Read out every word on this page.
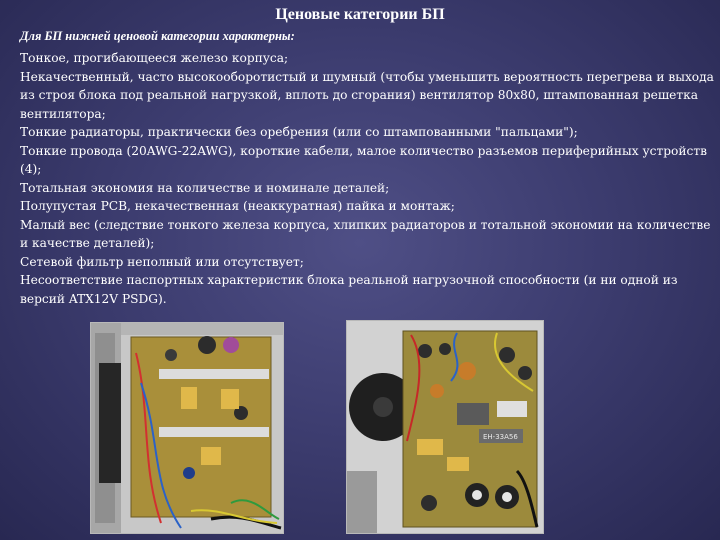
Ценовые категории БП
Для БП нижней ценовой категории характерны:
Тонкое, прогибающееся железо корпуса;
Некачественный, часто высокооборотистый и шумный (чтобы уменьшить вероятность перегрева и выхода из строя блока под реальной нагрузкой, вплоть до сгорания) вентилятор 80x80, штампованная решетка вентилятора;
Тонкие радиаторы, практически без оребрения (или со штампованными "пальцами");
Тонкие провода (20AWG-22AWG), короткие кабели, малое количество разъемов периферийных устройств (4);
Тотальная экономия на количестве и номинале деталей;
Полупустая PCB, некачественная (неаккуратная) пайка и монтаж;
Малый вес (следствие тонкого железа корпуса, хлипких радиаторов и тотальной экономии на количестве и качестве деталей);
Сетевой фильтр неполный или отсутствует;
Несоответствие паспортных характеристик блока реальной нагрузочной способности (и ни одной из версий ATX12V PSDG).
EH-33A56
